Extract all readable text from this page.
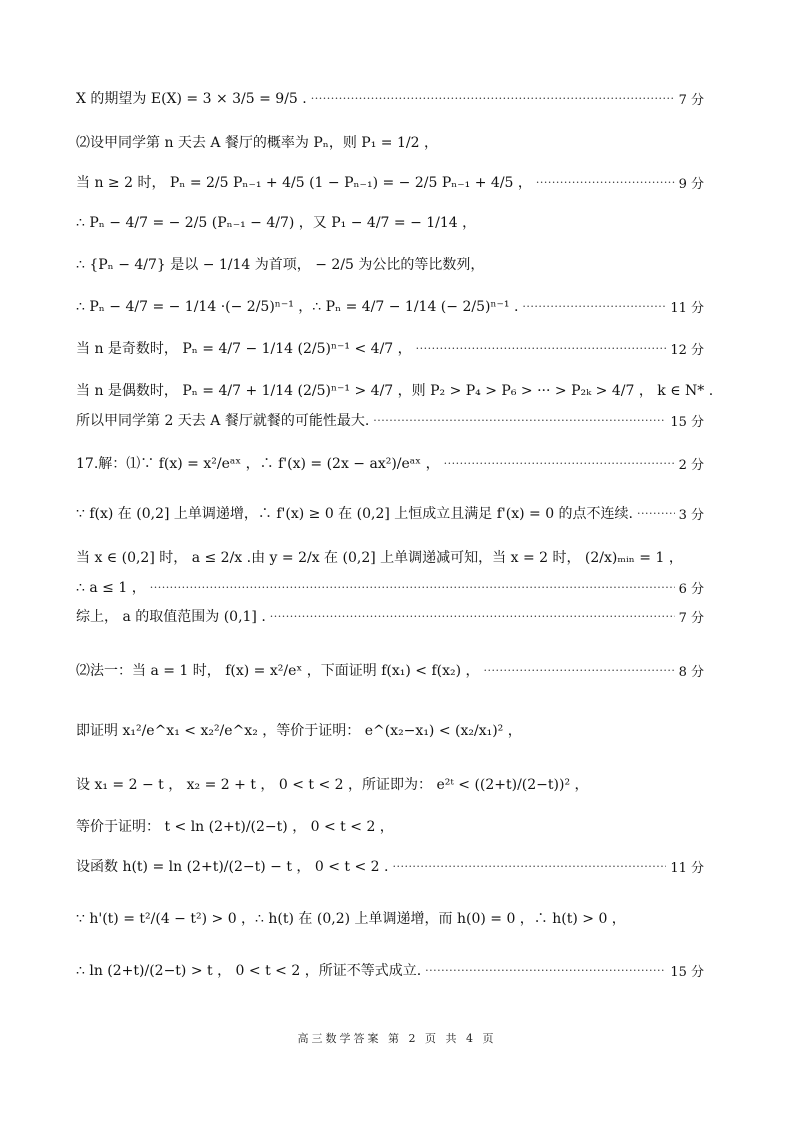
X 的期望为 E(X) = 3 × 3/5 = 9/5 . ·····	7 分
⑵设甲同学第 n 天去 A 餐厅的概率为 Pₙ，则 P₁ = 1/2 ，
当 n ≥ 2 时， Pₙ = 2/5 Pₙ₋₁ + 4/5 (1 − Pₙ₋₁) = − 2/5 Pₙ₋₁ + 4/5 ， ·····	9 分
∴ Pₙ − 4/7 = − 2/5 (Pₙ₋₁ − 4/7) ，又 P₁ − 4/7 = − 1/14 ，
∴ {Pₙ − 4/7} 是以 − 1/14 为首项， − 2/5 为公比的等比数列，
∴ Pₙ − 4/7 = − 1/14 ·(− 2/5)ⁿ⁻¹ ，∴ Pₙ = 4/7 − 1/14 (− 2/5)ⁿ⁻¹ . ·····	11 分
当 n 是奇数时， Pₙ = 4/7 − 1/14 (2/5)ⁿ⁻¹ < 4/7 ， ·····	12 分
当 n 是偶数时， Pₙ = 4/7 + 1/14 (2/5)ⁿ⁻¹ > 4/7 ，则 P₂ > P₄ > P₆ > ··· > P₂ₖ > 4/7 ， k ∈ N* .
所以甲同学第 2 天去 A 餐厅就餐的可能性最大. ·····	15 分
17.解：⑴∵ f(x) = x²/eᵃˣ ，∴ f'(x) = (2x − ax²)/eᵃˣ ， ·····	2 分
∵ f(x) 在 (0,2] 上单调递增，∴ f'(x) ≥ 0 在 (0,2] 上恒成立且满足 f'(x) = 0 的点不连续. ·····	3 分
当 x ∈ (0,2] 时， a ≤ 2/x .由 y = 2/x 在 (0,2] 上单调递减可知，当 x = 2 时， (2/x)ₘᵢₙ = 1 ，
∴ a ≤ 1 ， ·····	6 分
综上， a 的取值范围为 (0,1] . ·····	7 分
⑵法一：当 a = 1 时， f(x) = x²/eˣ ，下面证明 f(x₁) < f(x₂) ， ·····	8 分
即证明 x₁²/e^x₁ < x₂²/e^x₂ ，等价于证明： e^(x₂−x₁) < (x₂/x₁)² ，
设 x₁ = 2 − t ， x₂ = 2 + t ， 0 < t < 2 ，所证即为： e²ᵗ < ((2+t)/(2−t))² ，
等价于证明： t < ln (2+t)/(2−t) ， 0 < t < 2 ，
设函数 h(t) = ln (2+t)/(2−t) − t ， 0 < t < 2 . ·····	11 分
∵ h'(t) = t²/(4 − t²) > 0 ，∴ h(t) 在 (0,2) 上单调递增，而 h(0) = 0 ，∴ h(t) > 0 ，
∴ ln (2+t)/(2−t) > t ， 0 < t < 2 ，所证不等式成立. ·····	15 分
高三数学答案 第 2 页 共 4 页
